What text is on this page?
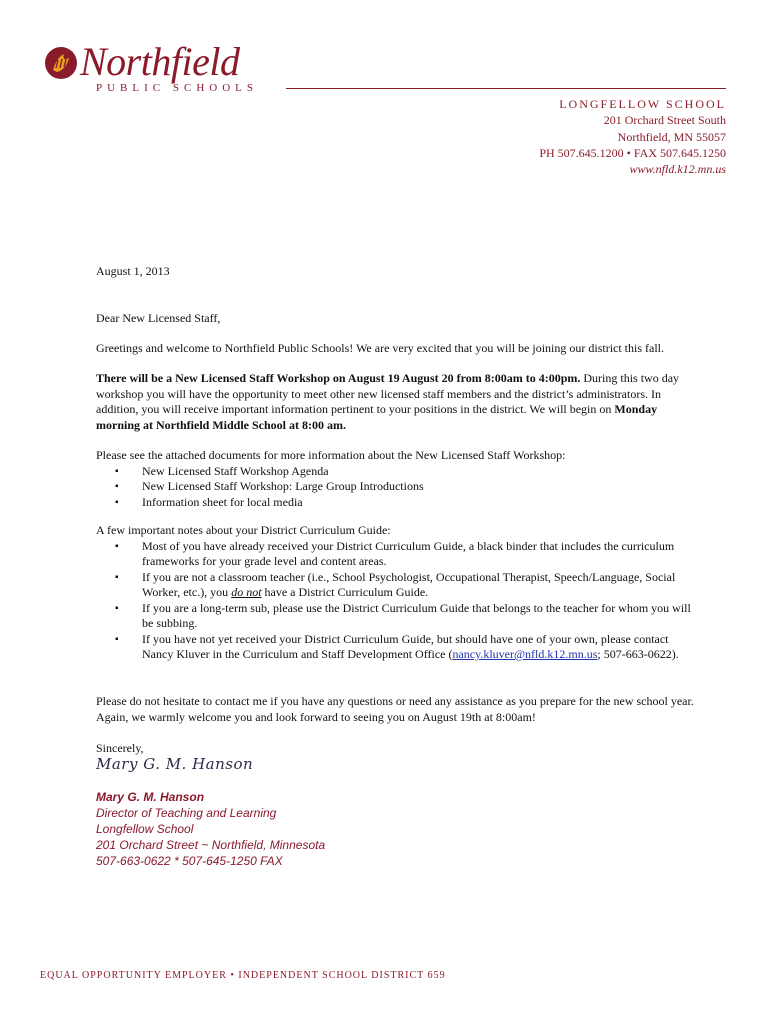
Northfield
PUBLIC SCHOOLS
LONGFELLOW SCHOOL
201 Orchard Street South
Northfield, MN 55057
PH 507.645.1200 • FAX 507.645.1250
www.nfld.k12.mn.us
August 1, 2013
Dear New Licensed Staff,
Greetings and welcome to Northfield Public Schools! We are very excited that you will be joining our district this fall.
There will be a New Licensed Staff Workshop on August 19 August 20 from 8:00am to 4:00pm. During this two day workshop you will have the opportunity to meet other new licensed staff members and the district’s administrators. In addition, you will receive important information pertinent to your positions in the district. We will begin on Monday morning at Northfield Middle School at 8:00 am.
Please see the attached documents for more information about the New Licensed Staff Workshop:
▪ New Licensed Staff Workshop Agenda
▪ New Licensed Staff Workshop: Large Group Introductions
▪ Information sheet for local media
A few important notes about your District Curriculum Guide:
▪ Most of you have already received your District Curriculum Guide, a black binder that includes the curriculum frameworks for your grade level and content areas.
▪ If you are not a classroom teacher (i.e., School Psychologist, Occupational Therapist, Speech/Language, Social Worker, etc.), you do not have a District Curriculum Guide.
▪ If you are a long-term sub, please use the District Curriculum Guide that belongs to the teacher for whom you will be subbing.
▪ If you have not yet received your District Curriculum Guide, but should have one of your own, please contact Nancy Kluver in the Curriculum and Staff Development Office (nancy.kluver@nfld.k12.mn.us; 507-663-0622).
Please do not hesitate to contact me if you have any questions or need any assistance as you prepare for the new school year. Again, we warmly welcome you and look forward to seeing you on August 19th at 8:00am!
Sincerely,
Mary G. M. Hanson
Mary G. M. Hanson
Director of Teaching and Learning
Longfellow School
201 Orchard Street ~ Northfield, Minnesota
507-663-0622 * 507-645-1250 FAX
EQUAL OPPORTUNITY EMPLOYER • INDEPENDENT SCHOOL DISTRICT 659
